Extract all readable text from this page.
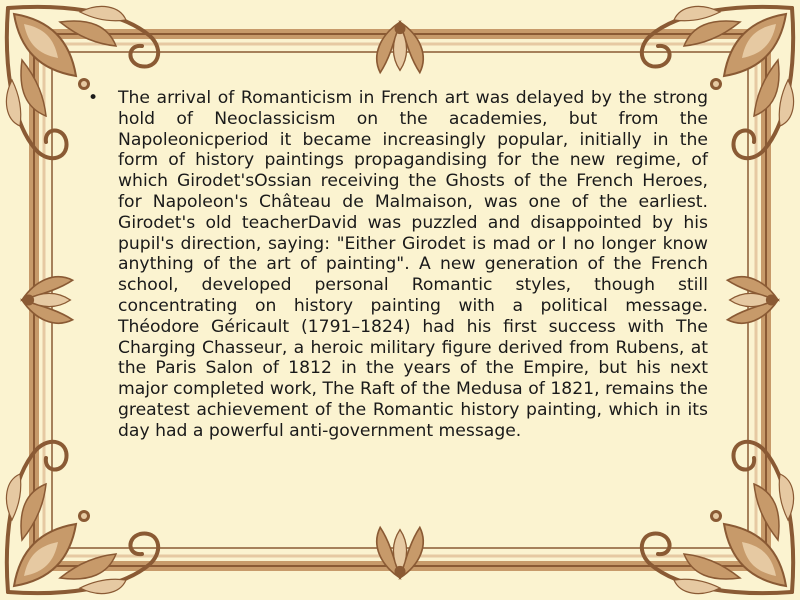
• The arrival of Romanticism in French art was delayed by the strong hold of Neoclassicism on the academies, but from the Napoleonicperiod it became increasingly popular, initially in the form of history paintings propagandising for the new regime, of which Girodet'sOssian receiving the Ghosts of the French Heroes, for Napoleon's Château de Malmaison, was one of the earliest. Girodet's old teacherDavid was puzzled and disappointed by his pupil's direction, saying: "Either Girodet is mad or I no longer know anything of the art of painting". A new generation of the French school, developed personal Romantic styles, though still concentrating on history painting with a political message. Théodore Géricault (1791–1824) had his first success with The Charging Chasseur, a heroic military figure derived from Rubens, at the Paris Salon of 1812 in the years of the Empire, but his next major completed work, The Raft of the Medusa of 1821, remains the greatest achievement of the Romantic history painting, which in its day had a powerful anti-government message.
